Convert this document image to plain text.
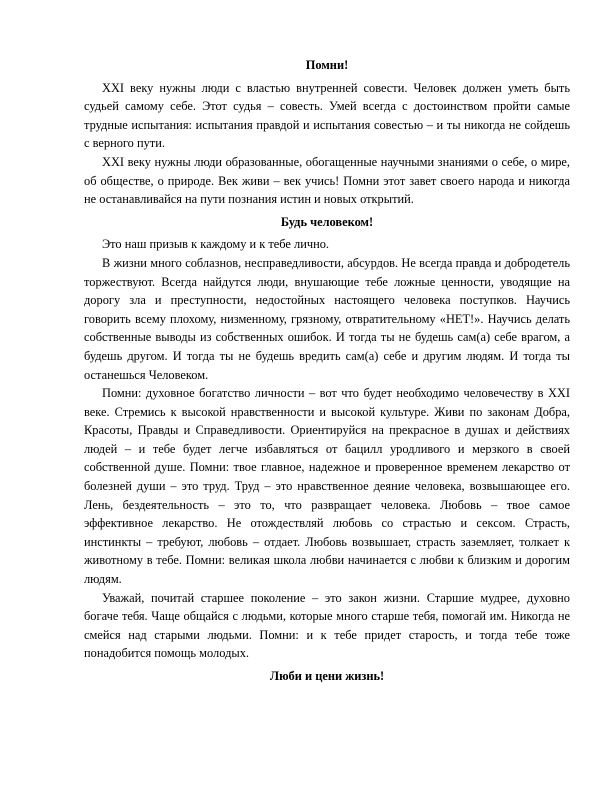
Помни!

XXI веку нужны люди с властью внутренней совести. Человек должен уметь быть судьей самому себе. Этот судья – совесть. Умей всегда с достоинством пройти самые трудные испытания: испытания правдой и испытания совестью – и ты никогда не сойдешь с верного пути.

XXI веку нужны люди образованные, обогащенные научными знаниями о себе, о мире, об обществе, о природе. Век живи – век учись! Помни этот завет своего народа и никогда не останавливайся на пути познания истин и новых открытий.

Будь человеком!

Это наш призыв к каждому и к тебе лично.

В жизни много соблазнов, несправедливости, абсурдов. Не всегда правда и добродетель торжествуют. Всегда найдутся люди, внушающие тебе ложные ценности, уводящие на дорогу зла и преступности, недостойных настоящего человека поступков. Научись говорить всему плохому, низменному, грязному, отвратительному «НЕТ!». Научись делать собственные выводы из собственных ошибок. И тогда ты не будешь сам(а) себе врагом, а будешь другом. И тогда ты не будешь вредить сам(а) себе и другим людям. И тогда ты останешься Человеком.

Помни: духовное богатство личности – вот что будет необходимо человечеству в XXI веке. Стремись к высокой нравственности и высокой культуре. Живи по законам Добра, Красоты, Правды и Справедливости. Ориентируйся на прекрасное в душах и действиях людей – и тебе будет легче избавляться от бацилл уродливого и мерзкого в своей собственной душе. Помни: твое главное, надежное и проверенное временем лекарство от болезней души – это труд. Труд – это нравственное деяние человека, возвышающее его. Лень, бездеятельность – это то, что развращает человека. Любовь – твое самое эффективное лекарство. Не отождествляй любовь со страстью и сексом. Страсть, инстинкты – требуют, любовь – отдает. Любовь возвышает, страсть заземляет, толкает к животному в тебе. Помни: великая школа любви начинается с любви к близким и дорогим людям.

Уважай, почитай старшее поколение – это закон жизни. Старшие мудрее, духовно богаче тебя. Чаще общайся с людьми, которые много старше тебя, помогай им. Никогда не смейся над старыми людьми. Помни: и к тебе придет старость, и тогда тебе тоже понадобится помощь молодых.

Люби и цени жизнь!
